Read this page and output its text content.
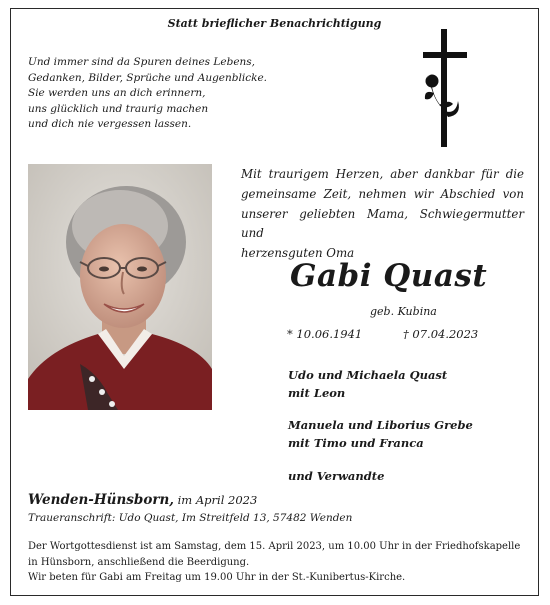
Statt brieflicher Benachrichtigung
Und immer sind da Spuren deines Lebens,
Gedanken, Bilder, Sprüche und Augenblicke.
Sie werden uns an dich erinnern,
uns glücklich und traurig machen
und dich nie vergessen lassen.
Mit traurigem Herzen, aber dankbar für die
gemeinsame Zeit, nehmen wir Abschied von
unserer geliebten Mama, Schwiegermutter und
herzensguten Oma
Gabi Quast
geb. Kubina
* 10.06.1941	† 07.04.2023
Udo und Michaela Quast
mit Leon
Manuela und Liborius Grebe
mit Timo und Franca
und Verwandte
Wenden-Hünsborn, im April 2023
Traueranschrift: Udo Quast, Im Streitfeld 13, 57482 Wenden
Der Wortgottesdienst ist am Samstag, dem 15. April 2023, um 10.00 Uhr in der Friedhofskapelle in Hünsborn, anschließend die Beerdigung.
Wir beten für Gabi am Freitag um 19.00 Uhr in der St.-Kunibertus-Kirche.
